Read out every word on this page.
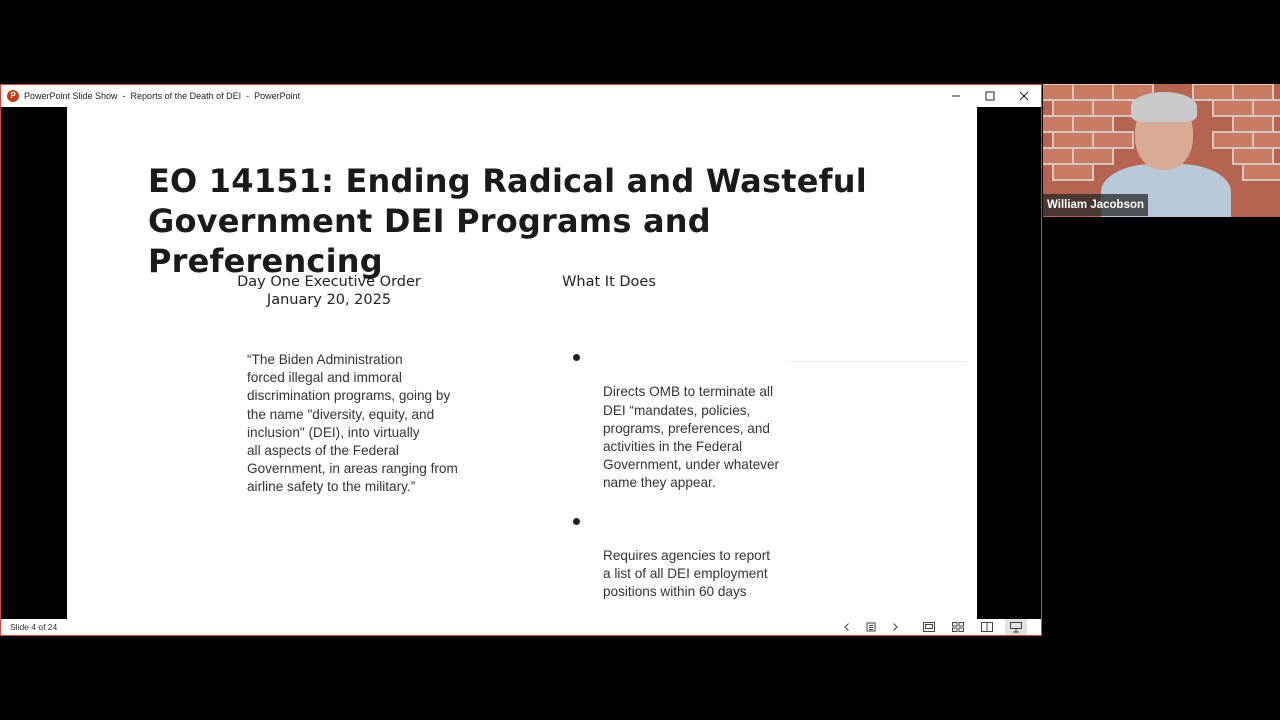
P PowerPoint Slide Show  -  Reports of the Death of DEI  -  PowerPoint
EO 14151: Ending Radical and Wasteful Government DEI Programs and Preferencing
Day One Executive Order
January 20, 2025
What It Does
“The Biden Administration
forced illegal and immoral
discrimination programs, going by
the name "diversity, equity, and
inclusion" (DEI), into virtually
all aspects of the Federal
Government, in areas ranging from
airline safety to the military.”

Directs OMB to terminate all
DEI “mandates, policies,
programs, preferences, and
activities in the Federal
Government, under whatever
name they appear.

Requires agencies to report
a list of all DEI employment
positions within 60 days

Slide 4 of 24
William Jacobson
